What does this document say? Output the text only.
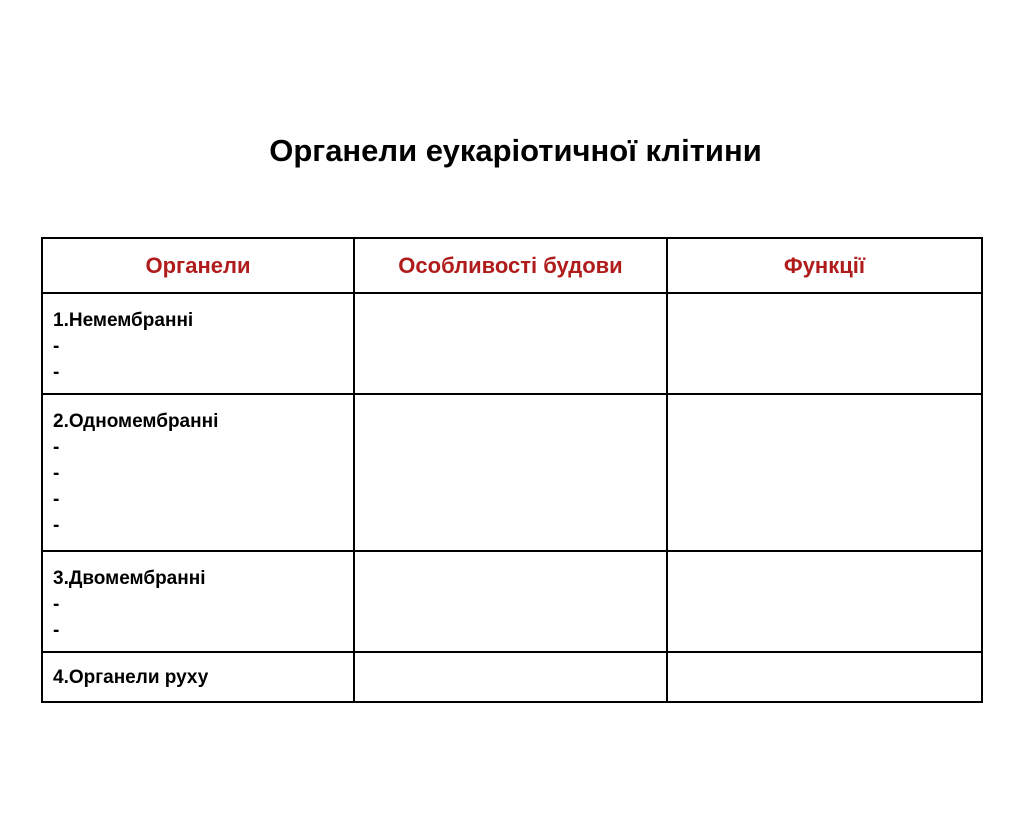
Органели еукаріотичної клітини
Органели	Особливості будови	Функції

1.Немембранні
-
-		

2.Одномембранні
-
-
-
-		

3.Двомембранні
-
-		

4.Органели руху		
